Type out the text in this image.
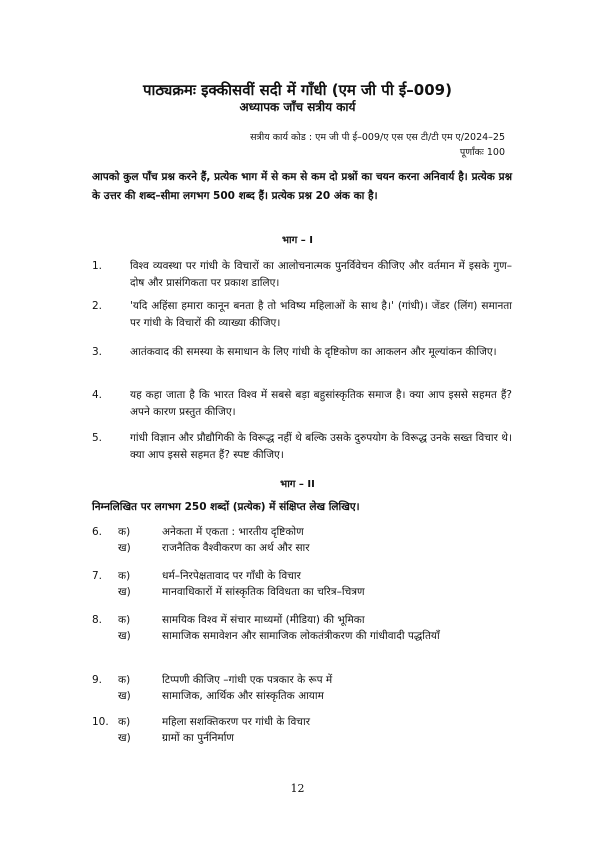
पाठ्यक्रमः इक्कीसवीं सदी में गाँधी (एम जी पी ई–009)
अध्यापक जाँच सत्रीय कार्य
सत्रीय कार्य कोड : एम जी पी ई–009/ए एस एस टी/टी एम ए/2024–25
पूर्णांकः 100
आपको कुल पाँच प्रश्न करने हैं, प्रत्येक भाग में से कम से कम दो प्रश्नों का चयन करना अनिवार्य है। प्रत्येक प्रश्न के उत्तर की शब्द–सीमा लगभग 500 शब्द हैं। प्रत्येक प्रश्न 20 अंक का है।
भाग – I
1.	विश्व व्यवस्था पर गांधी के विचारों का आलोचनात्मक पुनर्विवेचन कीजिए और वर्तमान में इसके गुण–दोष और प्रासंगिकता पर प्रकाश डालिए।
2.	'यदि अहिंसा हमारा कानून बनता है तो भविष्य महिलाओं के साथ है।' (गांधी)। जेंडर (लिंग) समानता पर गांधी के विचारों की व्याख्या कीजिए।
3.	आतंकवाद की समस्या के समाधान के लिए गांधी के दृष्टिकोण का आकलन और मूल्यांकन कीजिए।
4.	यह कहा जाता है कि भारत विश्व में सबसे बड़ा बहुसांस्कृतिक समाज है। क्या आप इससे सहमत हैं? अपने कारण प्रस्तुत कीजिए।
5.	गांधी विज्ञान और प्रौद्यौगिकी के विरूद्ध नहीं थे बल्कि उसके दुरुपयोग के विरूद्ध उनके सख्त विचार थे। क्या आप इससे सहमत हैं? स्पष्ट कीजिए।
भाग – II
निम्नलिखित पर लगभग 250 शब्दों (प्रत्येक) में संक्षिप्त लेख लिखिए।
6. क)	अनेकता में एकता : भारतीय दृष्टिकोण
ख)	राजनैतिक वैश्वीकरण का अर्थ और सार
7. क)	धर्म–निरपेक्षतावाद पर गाँधी के विचार
ख)	मानवाधिकारों में सांस्कृतिक विविधता का चरित्र–चित्रण
8. क)	सामयिक विश्व में संचार माध्यमों (मीडिया) की भूमिका
ख)	सामाजिक समावेशन और सामाजिक लोकतंत्रीकरण की गांधीवादी पद्धतियाँ
9. क)	टिप्पणी कीजिए –गांधी एक पत्रकार के रूप में
ख)	सामाजिक, आर्थिक और सांस्कृतिक आयाम
10. क)	महिला सशक्तिकरण पर गांधी के विचार
ख)	ग्रामों का पुर्ननिर्माण
12
